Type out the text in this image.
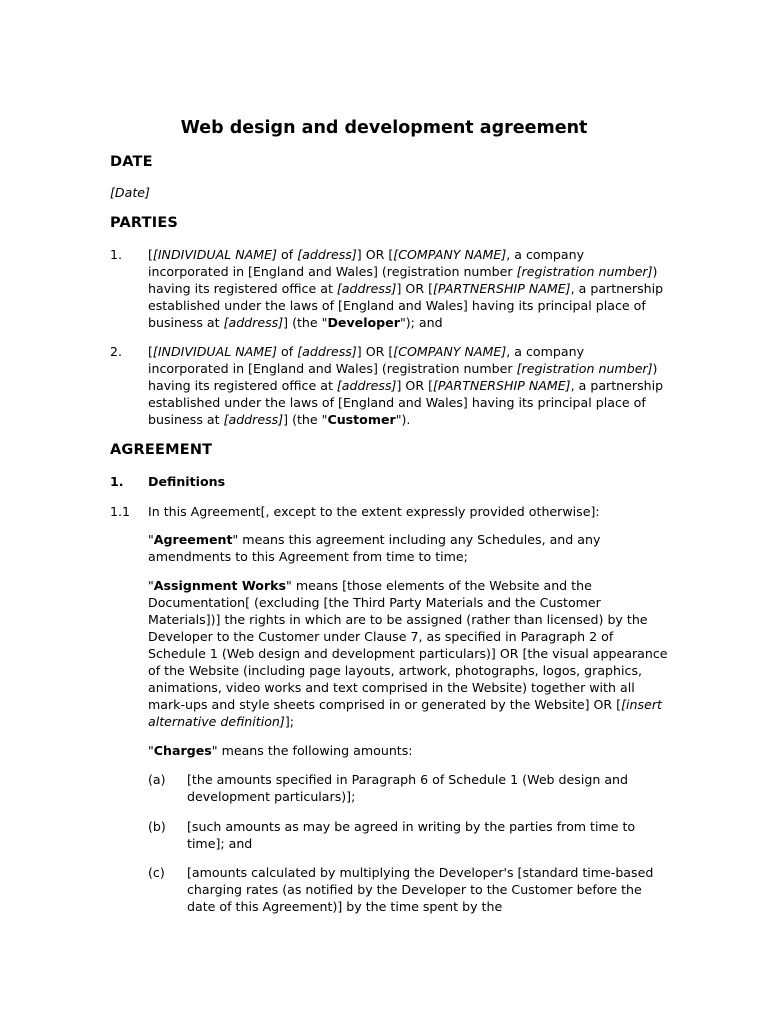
Web design and development agreement
DATE
[Date]
PARTIES
1. [[INDIVIDUAL NAME] of [address]] OR [[COMPANY NAME], a company incorporated in [England and Wales] (registration number [registration number]) having its registered office at [address]] OR [[PARTNERSHIP NAME], a partnership established under the laws of [England and Wales] having its principal place of business at [address]] (the "Developer"); and
2. [[INDIVIDUAL NAME] of [address]] OR [[COMPANY NAME], a company incorporated in [England and Wales] (registration number [registration number]) having its registered office at [address]] OR [[PARTNERSHIP NAME], a partnership established under the laws of [England and Wales] having its principal place of business at [address]] (the "Customer").
AGREEMENT
1. Definitions
1.1 In this Agreement[, except to the extent expressly provided otherwise]:
"Agreement" means this agreement including any Schedules, and any amendments to this Agreement from time to time;
"Assignment Works" means [those elements of the Website and the Documentation[ (excluding [the Third Party Materials and the Customer Materials])] the rights in which are to be assigned (rather than licensed) by the Developer to the Customer under Clause 7, as specified in Paragraph 2 of Schedule 1 (Web design and development particulars)] OR [the visual appearance of the Website (including page layouts, artwork, photographs, logos, graphics, animations, video works and text comprised in the Website) together with all mark-ups and style sheets comprised in or generated by the Website] OR [[insert alternative definition]];
"Charges" means the following amounts:
(a) [the amounts specified in Paragraph 6 of Schedule 1 (Web design and development particulars)];
(b) [such amounts as may be agreed in writing by the parties from time to time]; and
(c) [amounts calculated by multiplying the Developer's [standard time-based charging rates (as notified by the Developer to the Customer before the date of this Agreement)] by the time spent by the
